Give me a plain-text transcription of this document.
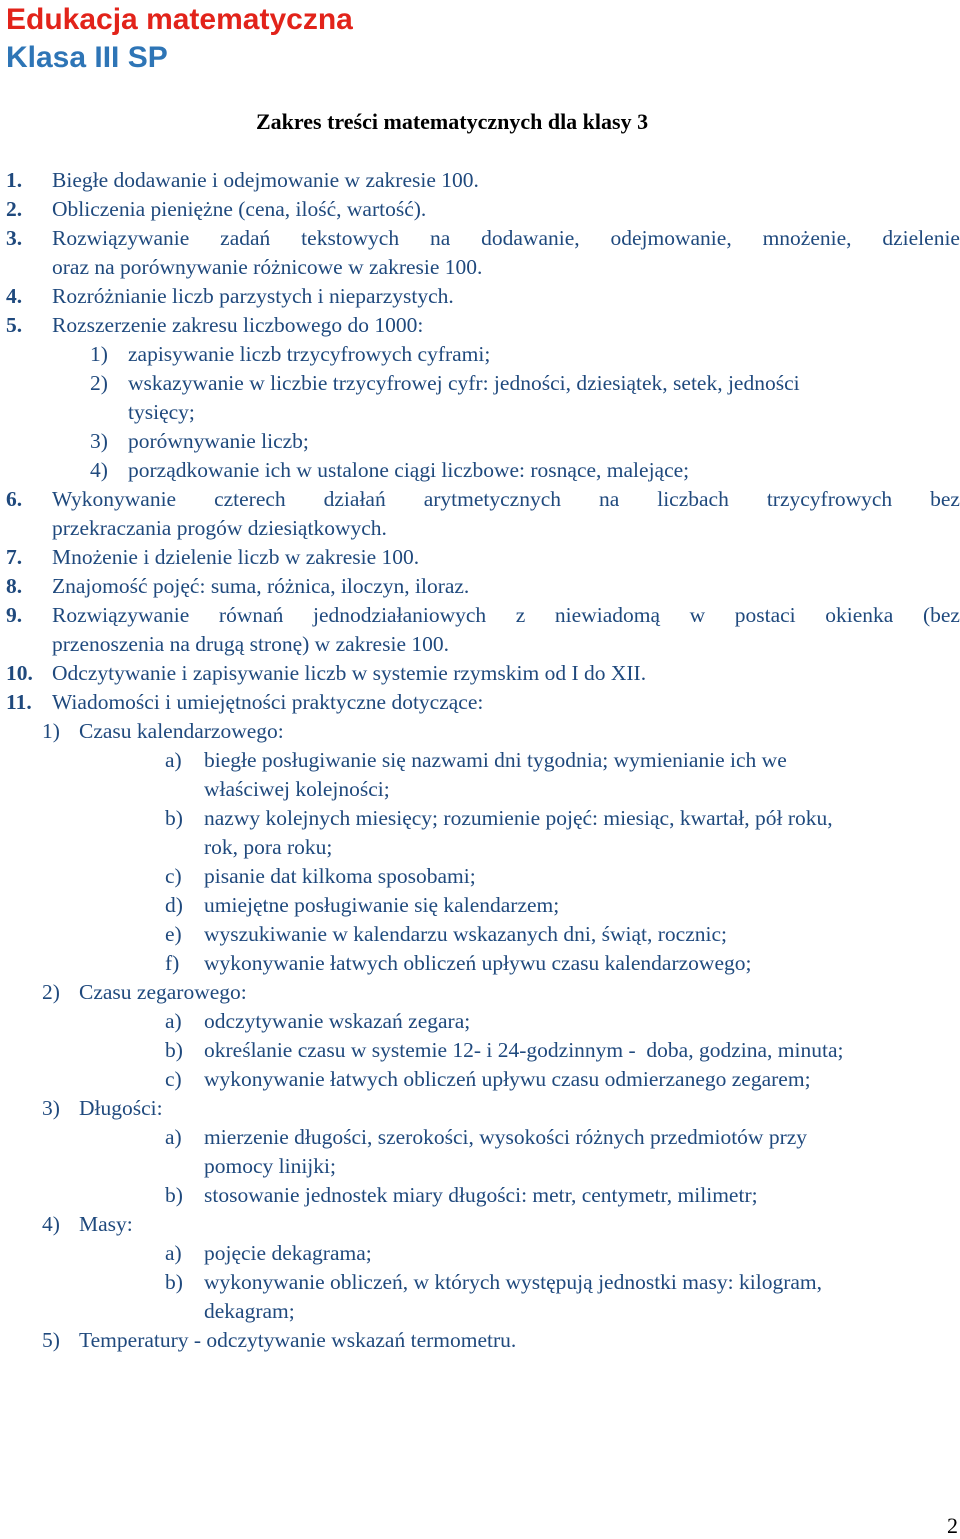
Edukacja matematyczna
Klasa III SP
Zakres treści matematycznych dla klasy 3
1. Biegłe dodawanie i odejmowanie w zakresie 100.
2. Obliczenia pieniężne (cena, ilość, wartość).
3. Rozwiązywanie zadań tekstowych na dodawanie, odejmowanie, mnożenie, dzielenie
oraz na porównywanie różnicowe w zakresie 100.
4. Rozróżnianie liczb parzystych i nieparzystych.
5. Rozszerzenie zakresu liczbowego do 1000:
1) zapisywanie liczb trzycyfrowych cyframi;
2) wskazywanie w liczbie trzycyfrowej cyfr: jedności, dziesiątek, setek, jedności
tysięcy;
3) porównywanie liczb;
4) porządkowanie ich w ustalone ciągi liczbowe: rosnące, malejące;
6. Wykonywanie czterech działań arytmetycznych na liczbach trzycyfrowych bez
przekraczania progów dziesiątkowych.
7. Mnożenie i dzielenie liczb w zakresie 100.
8. Znajomość pojęć: suma, różnica, iloczyn, iloraz.
9. Rozwiązywanie równań jednodziałaniowych z niewiadomą w postaci okienka (bez
przenoszenia na drugą stronę) w zakresie 100.
10. Odczytywanie i zapisywanie liczb w systemie rzymskim od I do XII.
11. Wiadomości i umiejętności praktyczne dotyczące:
1) Czasu kalendarzowego:
a) biegłe posługiwanie się nazwami dni tygodnia; wymienianie ich we
właściwej kolejności;
b) nazwy kolejnych miesięcy; rozumienie pojęć: miesiąc, kwartał, pół roku,
rok, pora roku;
c) pisanie dat kilkoma sposobami;
d) umiejętne posługiwanie się kalendarzem;
e) wyszukiwanie w kalendarzu wskazanych dni, świąt, rocznic;
f) wykonywanie łatwych obliczeń upływu czasu kalendarzowego;
2) Czasu zegarowego:
a) odczytywanie wskazań zegara;
b) określanie czasu w systemie 12- i 24-godzinnym -  doba, godzina, minuta;
c) wykonywanie łatwych obliczeń upływu czasu odmierzanego zegarem;
3) Długości:
a) mierzenie długości, szerokości, wysokości różnych przedmiotów przy
pomocy linijki;
b) stosowanie jednostek miary długości: metr, centymetr, milimetr;
4) Masy:
a) pojęcie dekagrama;
b) wykonywanie obliczeń, w których występują jednostki masy: kilogram,
dekagram;
5) Temperatury - odczytywanie wskazań termometru.
2
